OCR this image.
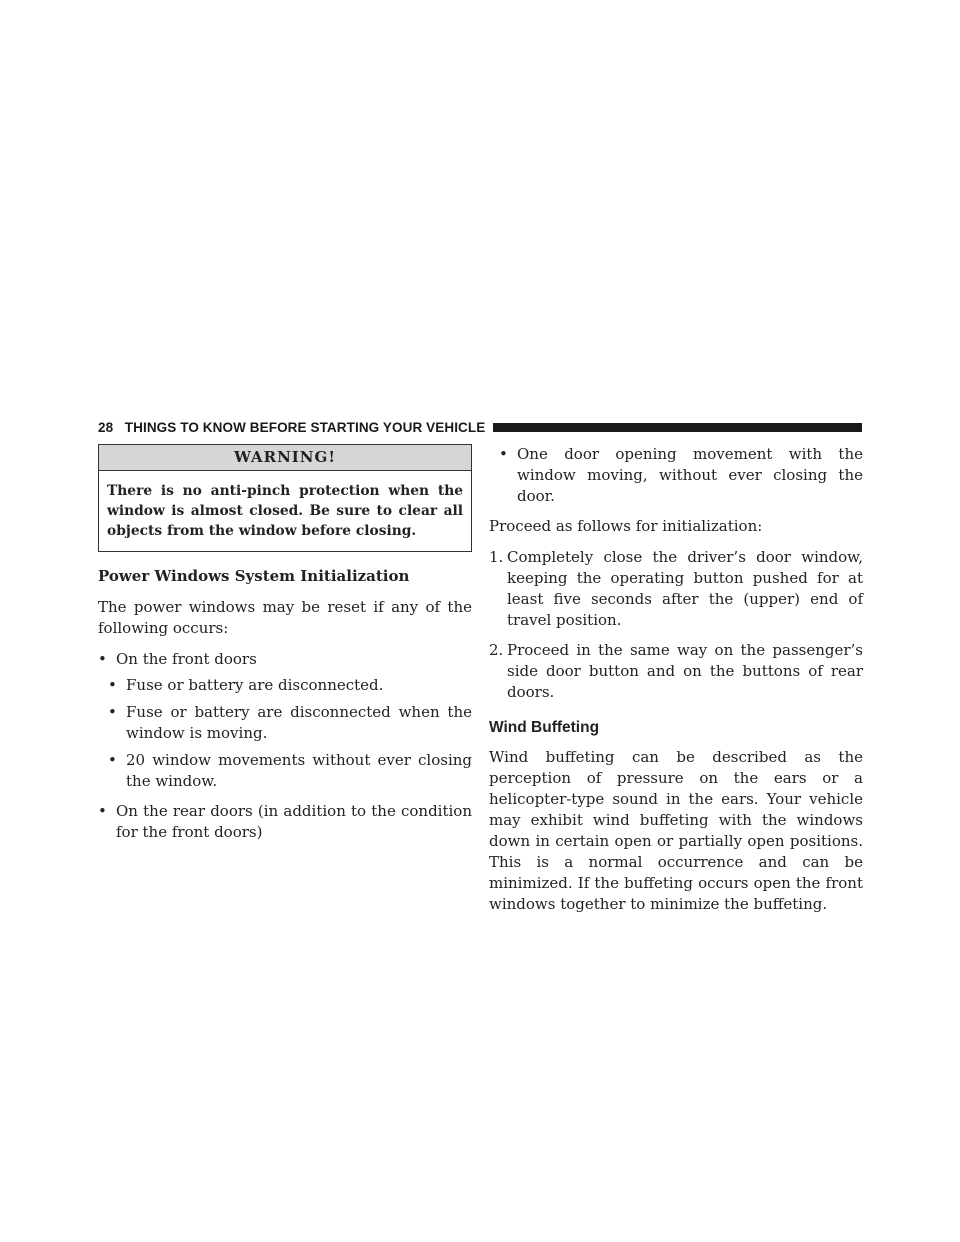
28 THINGS TO KNOW BEFORE STARTING YOUR VEHICLE
WARNING!
There is no anti-pinch protection when the window is almost closed. Be sure to clear all objects from the window before closing.

Power Windows System Initialization

The power windows may be reset if any of the following occurs:

• On the front doors
• Fuse or battery are disconnected.
• Fuse or battery are disconnected when the window is moving.
• 20 window movements without ever closing the window.
• On the rear doors (in addition to the condition for the front doors)
• One door opening movement with the window moving, without ever closing the door.

Proceed as follows for initialization:

1. Completely close the driver’s door window, keeping the operating button pushed for at least five seconds after the (upper) end of travel position.
2. Proceed in the same way on the passenger’s side door button and on the buttons of rear doors.
Wind Buffeting

Wind buffeting can be described as the perception of pressure on the ears or a helicopter-type sound in the ears. Your vehicle may exhibit wind buffeting with the windows down in certain open or partially open positions. This is a normal occurrence and can be minimized. If the buffeting occurs open the front windows together to minimize the buffeting.
